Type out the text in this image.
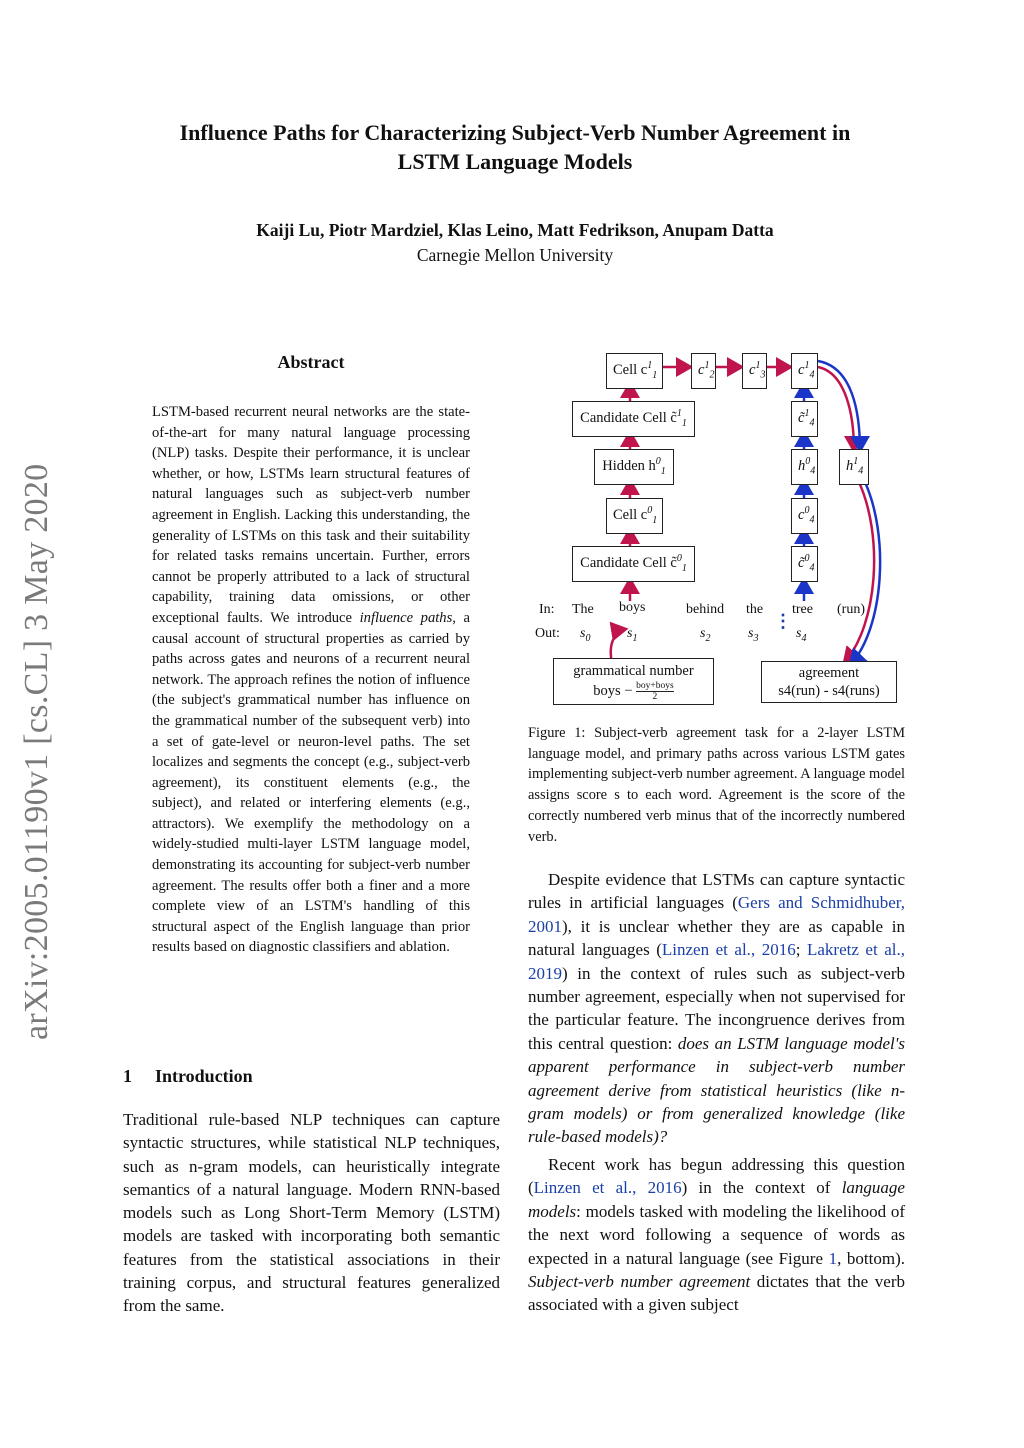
Influence Paths for Characterizing Subject-Verb Number Agreement in
LSTM Language Models
Kaiji Lu, Piotr Mardziel, Klas Leino, Matt Fedrikson, Anupam Datta
Carnegie Mellon University
arXiv:2005.01190v1 [cs.CL] 3 May 2020
Abstract
LSTM-based recurrent neural networks are the state-of-the-art for many natural language processing (NLP) tasks. Despite their performance, it is unclear whether, or how, LSTMs learn structural features of natural languages such as subject-verb number agreement in English. Lacking this understanding, the generality of LSTMs on this task and their suitability for related tasks remains uncertain. Further, errors cannot be properly attributed to a lack of structural capability, training data omissions, or other exceptional faults. We introduce influence paths, a causal account of structural properties as carried by paths across gates and neurons of a recurrent neural network. The approach refines the notion of influence (the subject's grammatical number has influence on the grammatical number of the subsequent verb) into a set of gate-level or neuron-level paths. The set localizes and segments the concept (e.g., subject-verb agreement), its constituent elements (e.g., the subject), and related or interfering elements (e.g., attractors). We exemplify the methodology on a widely-studied multi-layer LSTM language model, demonstrating its accounting for subject-verb number agreement. The results offer both a finer and a more complete view of an LSTM's handling of this structural aspect of the English language than prior results based on diagnostic classifiers and ablation.
1 Introduction
Traditional rule-based NLP techniques can capture syntactic structures, while statistical NLP techniques, such as n-gram models, can heuristically integrate semantics of a natural language. Modern RNN-based models such as Long Short-Term Memory (LSTM) models are tasked with incorporating both semantic features from the statistical associations in their training corpus, and structural features generalized from the same.
Cell $c^1_1$	$c^1_2$	$c^1_3$	$c^1_4$
Candidate Cell c̃$^1_1$	c̃$^1_4$
Hidden $h^0_1$	$h^0_4$	$h^1_4$
Cell $c^0_1$	$c^0_4$
Candidate Cell c̃$^0_1$	c̃$^0_4$
In:
Out:
The boys	behind the tree (run)
$s_0$	$s_1$	$s_2$	$s_3$	$s_4$
⋮
grammatical number
boys − boy+boys
2
agreement
s4(run) - s4(runs)
Figure 1: Subject-verb agreement task for a 2-layer LSTM language model, and primary paths across various LSTM gates implementing subject-verb number agreement. A language model assigns score s to each word. Agreement is the score of the correctly numbered verb minus that of the incorrectly numbered verb.

Despite evidence that LSTMs can capture syntactic rules in artificial languages (Gers and Schmidhuber, 2001), it is unclear whether they are as capable in natural languages (Linzen et al., 2016; Lakretz et al., 2019) in the context of rules such as subject-verb number agreement, especially when not supervised for the particular feature. The incongruence derives from this central question: does an LSTM language model's apparent performance in subject-verb number agreement derive from statistical heuristics (like n-gram models) or from generalized knowledge (like rule-based models)?

Recent work has begun addressing this question (Linzen et al., 2016) in the context of language models: models tasked with modeling the likelihood of the next word following a sequence of words as expected in a natural language (see Figure 1, bottom). Subject-verb number agreement dictates that the verb associated with a given subject
